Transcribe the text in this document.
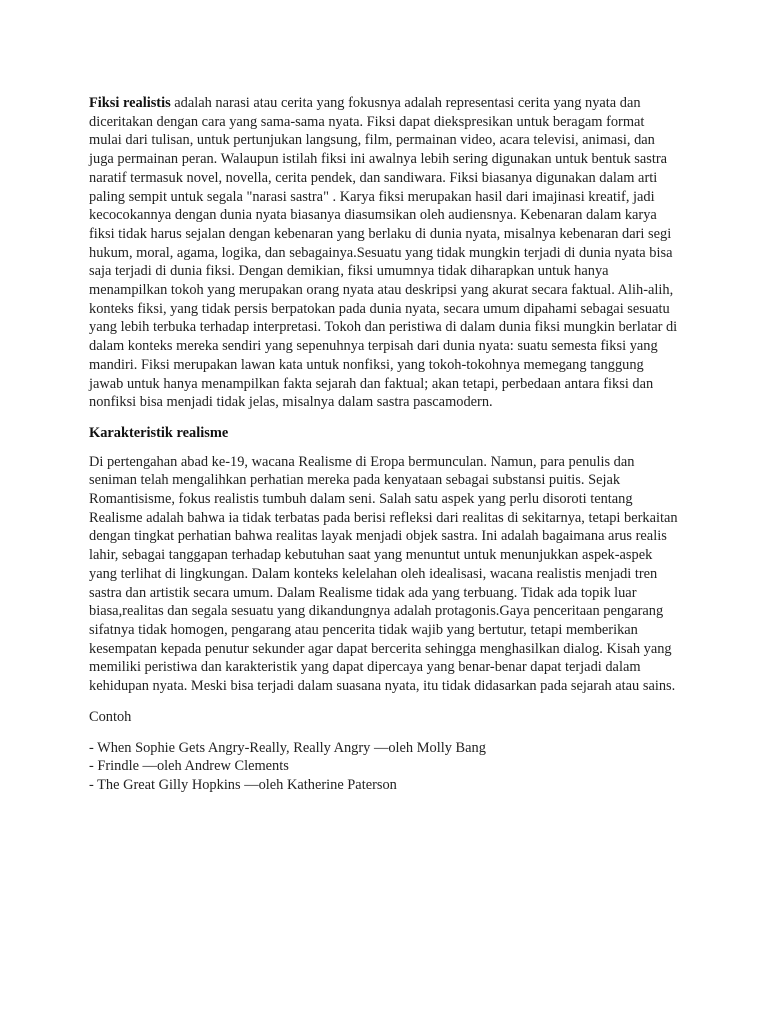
Fiksi realistis adalah narasi atau cerita yang fokusnya adalah representasi cerita yang nyata dan diceritakan dengan cara yang sama-sama nyata. Fiksi dapat diekspresikan untuk beragam format mulai dari tulisan, untuk pertunjukan langsung, film, permainan video, acara televisi, animasi, dan juga permainan peran. Walaupun istilah fiksi ini awalnya lebih sering digunakan untuk bentuk sastra naratif termasuk novel, novella, cerita pendek, dan sandiwara. Fiksi biasanya digunakan dalam arti paling sempit untuk segala "narasi sastra" . Karya fiksi merupakan hasil dari imajinasi kreatif, jadi kecocokannya dengan dunia nyata biasanya diasumsikan oleh audiensnya. Kebenaran dalam karya fiksi tidak harus sejalan dengan kebenaran yang berlaku di dunia nyata, misalnya kebenaran dari segi hukum, moral, agama, logika, dan sebagainya.Sesuatu yang tidak mungkin terjadi di dunia nyata bisa saja terjadi di dunia fiksi. Dengan demikian, fiksi umumnya tidak diharapkan untuk hanya menampilkan tokoh yang merupakan orang nyata atau deskripsi yang akurat secara faktual. Alih-alih, konteks fiksi, yang tidak persis berpatokan pada dunia nyata, secara umum dipahami sebagai sesuatu yang lebih terbuka terhadap interpretasi. Tokoh dan peristiwa di dalam dunia fiksi mungkin berlatar di dalam konteks mereka sendiri yang sepenuhnya terpisah dari dunia nyata: suatu semesta fiksi yang mandiri. Fiksi merupakan lawan kata untuk nonfiksi, yang tokoh-tokohnya memegang tanggung jawab untuk hanya menampilkan fakta sejarah dan faktual; akan tetapi, perbedaan antara fiksi dan nonfiksi bisa menjadi tidak jelas, misalnya dalam sastra pascamodern.

Karakteristik realisme

Di pertengahan abad ke-19, wacana Realisme di Eropa bermunculan. Namun, para penulis dan seniman telah mengalihkan perhatian mereka pada kenyataan sebagai substansi puitis. Sejak Romantisisme, fokus realistis tumbuh dalam seni. Salah satu aspek yang perlu disoroti tentang Realisme adalah bahwa ia tidak terbatas pada berisi refleksi dari realitas di sekitarnya, tetapi berkaitan dengan tingkat perhatian bahwa realitas layak menjadi objek sastra. Ini adalah bagaimana arus realis lahir, sebagai tanggapan terhadap kebutuhan saat yang menuntut untuk menunjukkan aspek-aspek yang terlihat di lingkungan. Dalam konteks kelelahan oleh idealisasi, wacana realistis menjadi tren sastra dan artistik secara umum. Dalam Realisme tidak ada yang terbuang. Tidak ada topik luar biasa,realitas dan segala sesuatu yang dikandungnya adalah protagonis.Gaya penceritaan pengarang sifatnya tidak homogen, pengarang atau pencerita tidak wajib yang bertutur, tetapi memberikan kesempatan kepada penutur sekunder agar dapat bercerita sehingga menghasilkan dialog. Kisah yang memiliki peristiwa dan karakteristik yang dapat dipercaya yang benar-benar dapat terjadi dalam kehidupan nyata. Meski bisa terjadi dalam suasana nyata, itu tidak didasarkan pada sejarah atau sains.

Contoh

- When Sophie Gets Angry-Really, Really Angry —oleh Molly Bang
- Frindle —oleh Andrew Clements
- The Great Gilly Hopkins —oleh Katherine Paterson
